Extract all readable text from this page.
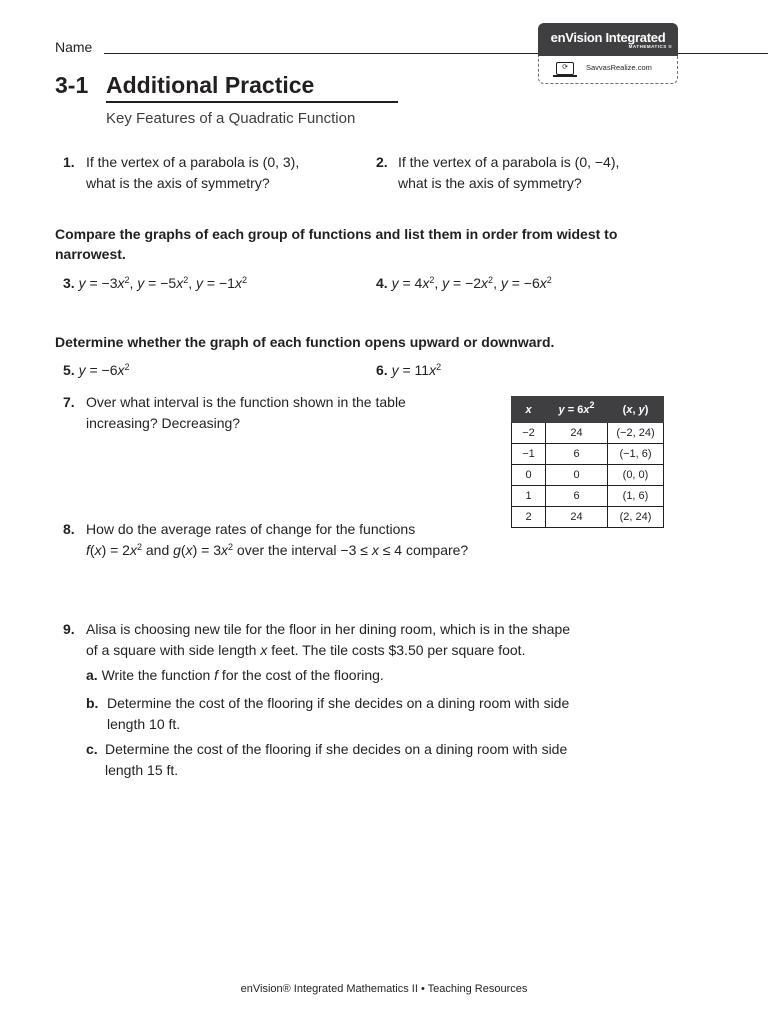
Name
enVision Integrated
MATHEMATICS II
⟳	SavvasRealize.com
3-1 Additional Practice
Key Features of a Quadratic Function
1. If the vertex of a parabola is (0, 3),
what is the axis of symmetry?
2. If the vertex of a parabola is (0, −4),
what is the axis of symmetry?
Compare the graphs of each group of functions and list them in order from widest to narrowest.
3. $y = -3x^2$, $y = -5x^2$, $y = -1x^2$	4. $y = 4x^2$, $y = -2x^2$, $y = -6x^2$
Determine whether the graph of each function opens upward or downward.
5. $y = -6x^2$	6. $y = 11x^2$
7. Over what interval is the function shown in the table
increasing? Decreasing?
x	$y = 6x^2$	(x, y)
−2	24	(−2, 24)
−1	6	(−1, 6)
0	0	(0, 0)
1	6	(1, 6)
2	24	(2, 24)
8. How do the average rates of change for the functions
$f(x) = 2x^2$ and $g(x) = 3x^2$ over the interval −3 ≤ x ≤ 4 compare?
9. Alisa is choosing new tile for the floor in her dining room, which is in the shape
of a square with side length x feet. The tile costs $3.50 per square foot.
a. Write the function f for the cost of the flooring.
b. Determine the cost of the flooring if she decides on a dining room with side
length 10 ft.
c. Determine the cost of the flooring if she decides on a dining room with side
length 15 ft.
enVision® Integrated Mathematics II • Teaching Resources
